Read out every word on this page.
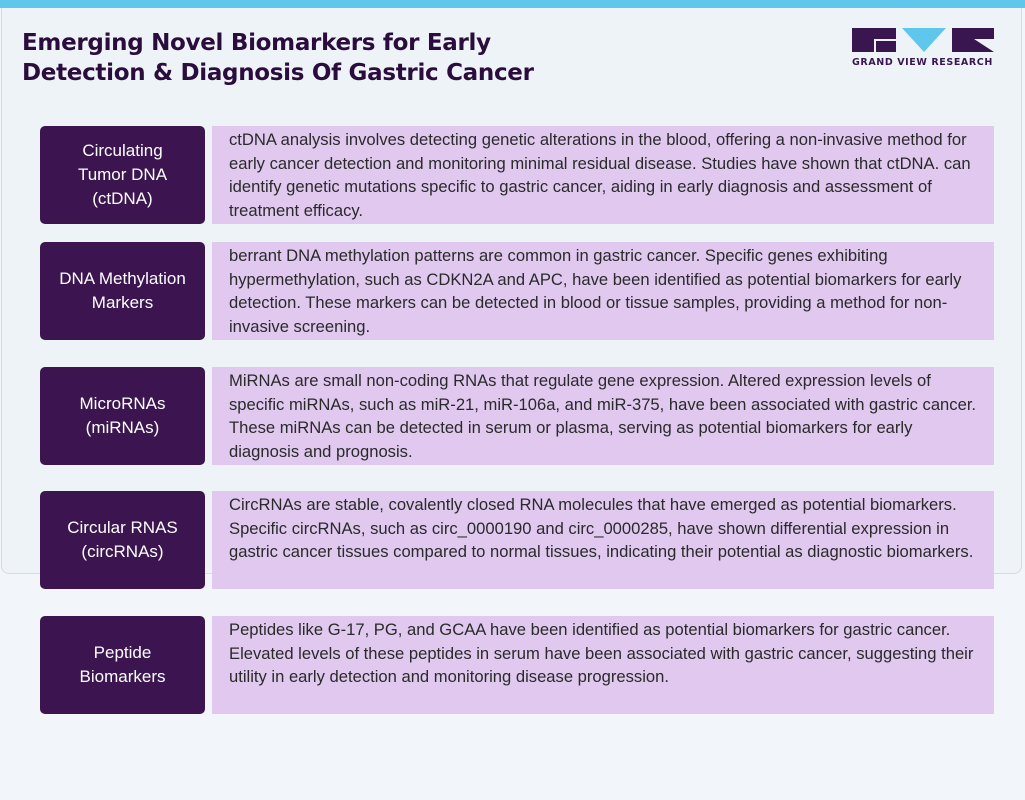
Emerging Novel Biomarkers for Early
Detection & Diagnosis Of Gastric Cancer	GRAND VIEW RESEARCH
Circulating
Tumor DNA (ctDNA)
ctDNA analysis involves detecting genetic alterations in the blood, offering a non-invasive method for early cancer detection and monitoring minimal residual disease. Studies have shown that ctDNA. can identify genetic mutations specific to gastric cancer, aiding in early diagnosis and assessment of treatment efficacy.
DNA Methylation
Markers
berrant DNA methylation patterns are common in gastric cancer. Specific genes exhibiting hypermethylation, such as CDKN2A and APC, have been identified as potential biomarkers for early detection. These markers can be detected in blood or tissue samples, providing a method for non-invasive screening.
MicroRNAs
(miRNAs)
MiRNAs are small non-coding RNAs that regulate gene expression. Altered expression levels of specific miRNAs, such as miR-21, miR-106a, and miR-375, have been associated with gastric cancer. These miRNAs can be detected in serum or plasma, serving as potential biomarkers for early diagnosis and prognosis.
Circular RNAS
(circRNAs)
CircRNAs are stable, covalently closed RNA molecules that have emerged as potential biomarkers. Specific circRNAs, such as circ_0000190 and circ_0000285, have shown differential expression in gastric cancer tissues compared to normal tissues, indicating their potential as diagnostic biomarkers.
Peptide
Biomarkers
Peptides like G-17, PG, and GCAA have been identified as potential biomarkers for gastric cancer. Elevated levels of these peptides in serum have been associated with gastric cancer, suggesting their utility in early detection and monitoring disease progression.
